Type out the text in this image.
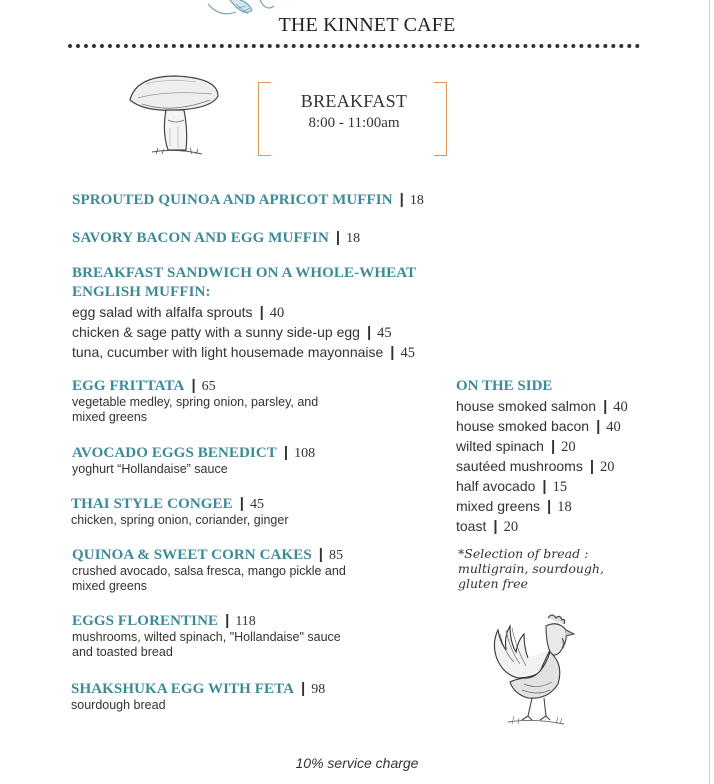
THE KINNET CAFE
BREAKFAST
8:00 - 11:00am
SPROUTED QUINOA AND APRICOT MUFFIN | 18
SAVORY BACON AND EGG MUFFIN | 18
BREAKFAST SANDWICH ON A WHOLE-WHEAT
ENGLISH MUFFIN:
egg salad with alfalfa sprouts | 40
chicken & sage patty with a sunny side-up egg | 45
tuna, cucumber with light housemade mayonnaise | 45
EGG FRITTATA | 65
vegetable medley, spring onion, parsley, and
mixed greens
AVOCADO EGGS BENEDICT | 108
yoghurt “Hollandaise” sauce
THAI STYLE CONGEE | 45
chicken, spring onion, coriander, ginger
QUINOA & SWEET CORN CAKES | 85
crushed avocado, salsa fresca, mango pickle and
mixed greens
EGGS FLORENTINE | 118
mushrooms, wilted spinach, "Hollandaise" sauce
and toasted bread
SHAKSHUKA EGG WITH FETA | 98
sourdough bread
ON THE SIDE
house smoked salmon | 40
house smoked bacon | 40
wilted spinach | 20
sautéed mushrooms | 20
half avocado | 15
mixed greens | 18
toast | 20
*Selection of bread :
multigrain, sourdough,
gluten free
10% service charge
